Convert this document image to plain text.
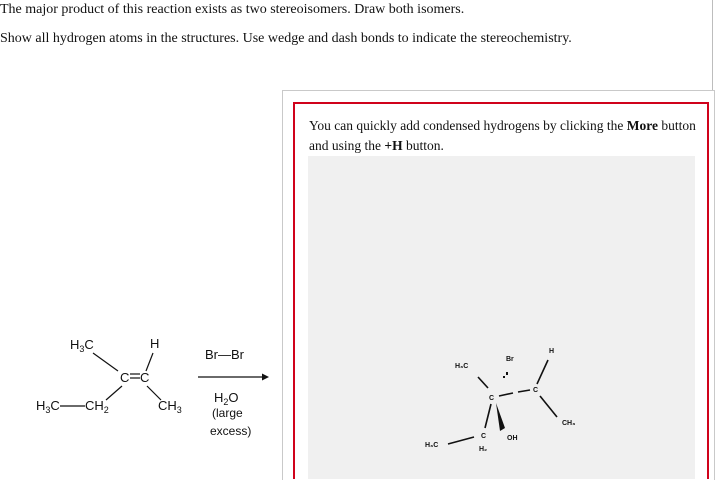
The major product of this reaction exists as two stereoisomers. Draw both isomers.
Show all hydrogen atoms in the structures. Use wedge and dash bonds to indicate the stereochemistry.
$H_3C$	H
C C
$H_3C$ $CH_2$	$CH_3$
Br—Br
$H_2O$
(large
excess)
You can quickly add condensed hydrogens by clicking the More button and using the +H button.
H₃C
Br
H
C
C
CH₃
OH
H₃C
C
H₂
